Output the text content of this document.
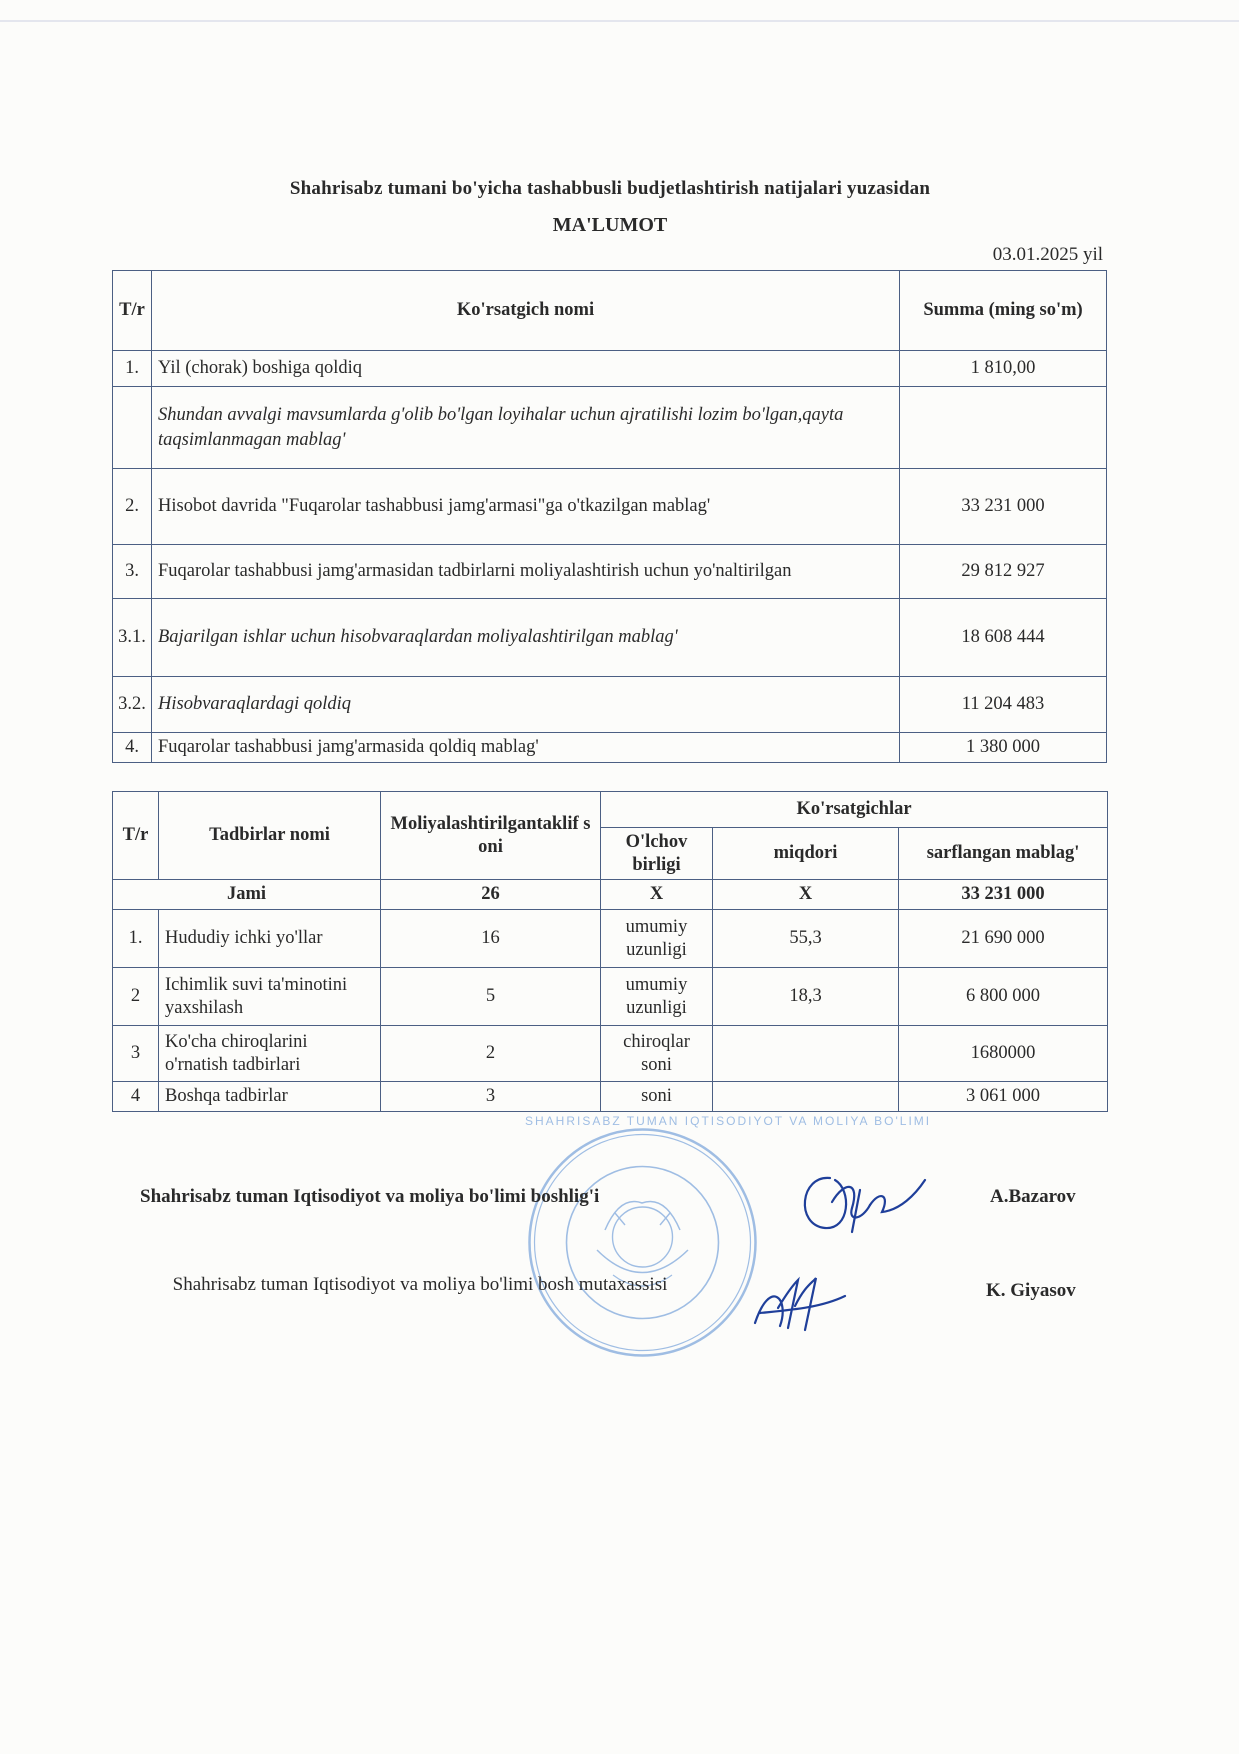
Shahrisabz tumani bo'yicha tashabbusli budjetlashtirish natijalari yuzasidan
MA'LUMOT
03.01.2025 yil
T/r	Ko'rsatgich nomi	Summa (ming so'm)
1.	Yil (chorak) boshiga qoldiq	1 810,00
	Shundan avvalgi mavsumlarda g'olib bo'lgan loyihalar uchun ajratilishi lozim bo'lgan,qayta taqsimlanmagan mablag'	
2.	Hisobot davrida "Fuqarolar tashabbusi jamg'armasi"ga o'tkazilgan mablag'	33 231 000
3.	Fuqarolar tashabbusi jamg'armasidan tadbirlarni moliyalashtirish uchun yo'naltirilgan	29 812 927
3.1.	Bajarilgan ishlar uchun hisobvaraqlardan moliyalashtirilgan mablag'	18 608 444
3.2.	Hisobvaraqlardagi qoldiq	11 204 483
4.	Fuqarolar tashabbusi jamg'armasida qoldiq mablag'	1 380 000
T/r	Tadbirlar nomi	Moliyalashtirilgantaklif soni	Ko'rsatgichlar		
			O'lchov birligi	miqdori	sarflangan mablag'
Jami		26	X	X	33 231 000
1.	Hududiy ichki yo'llar	16	umumiy uzunligi	55,3	21 690 000
2	Ichimlik suvi ta'minotini yaxshilash	5	umumiy uzunligi	18,3	6 800 000
3	Ko'cha chiroqlarini o'rnatish tadbirlari	2	chiroqlar soni		1680000
4	Boshqa tadbirlar	3	soni		3 061 000
SHAHRISABZ TUMAN IQTISODIYOT VA MOLIYA BO'LIMI
Shahrisabz tuman Iqtisodiyot va moliya bo'limi boshlig'i	A.Bazarov
Shahrisabz tuman Iqtisodiyot va moliya bo'limi bosh mutaxassisi	K. Giyasov
